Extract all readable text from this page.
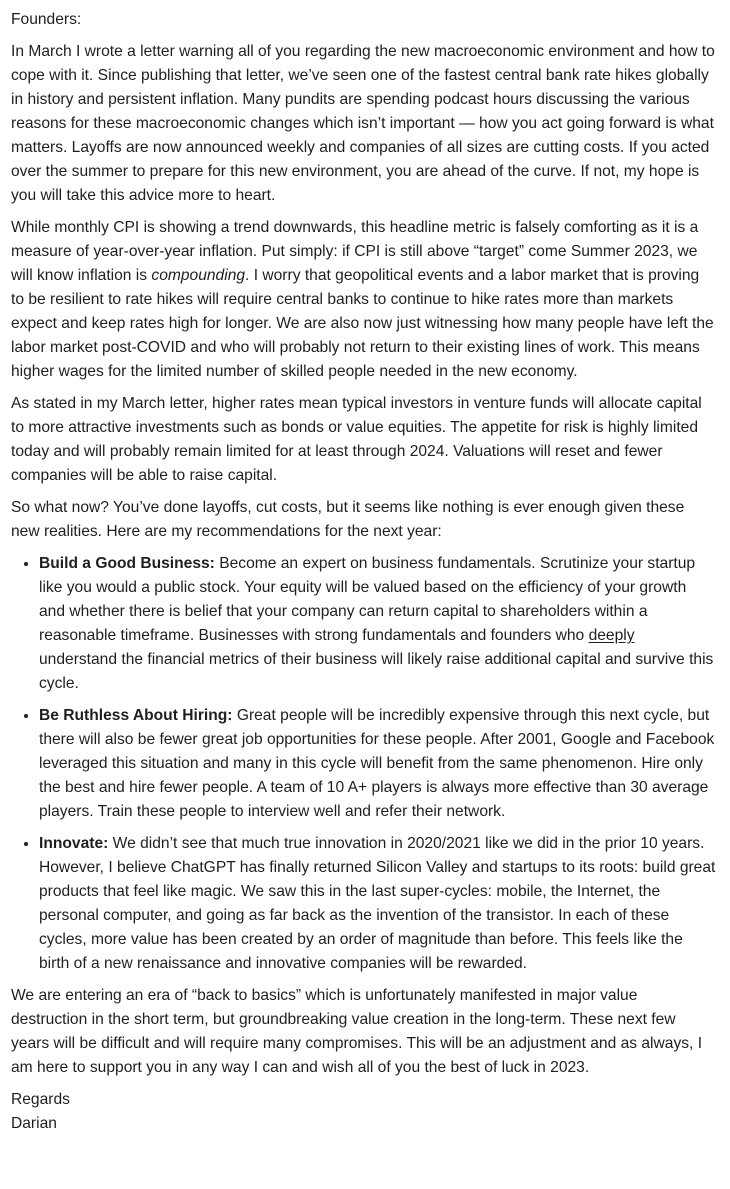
Founders:

In March I wrote a letter warning all of you regarding the new macroeconomic environment and how to cope with it. Since publishing that letter, we’ve seen one of the fastest central bank rate hikes globally in history and persistent inflation. Many pundits are spending podcast hours discussing the various reasons for these macroeconomic changes which isn’t important — how you act going forward is what matters. Layoffs are now announced weekly and companies of all sizes are cutting costs. If you acted over the summer to prepare for this new environment, you are ahead of the curve. If not, my hope is you will take this advice more to heart.

While monthly CPI is showing a trend downwards, this headline metric is falsely comforting as it is a measure of year-over-year inflation. Put simply: if CPI is still above “target” come Summer 2023, we will know inflation is compounding. I worry that geopolitical events and a labor market that is proving to be resilient to rate hikes will require central banks to continue to hike rates more than markets expect and keep rates high for longer. We are also now just witnessing how many people have left the labor market post-COVID and who will probably not return to their existing lines of work. This means higher wages for the limited number of skilled people needed in the new economy.

As stated in my March letter, higher rates mean typical investors in venture funds will allocate capital to more attractive investments such as bonds or value equities. The appetite for risk is highly limited today and will probably remain limited for at least through 2024. Valuations will reset and fewer companies will be able to raise capital.

So what now? You’ve done layoffs, cut costs, but it seems like nothing is ever enough given these new realities. Here are my recommendations for the next year:

• Build a Good Business: Become an expert on business fundamentals. Scrutinize your startup like you would a public stock. Your equity will be valued based on the efficiency of your growth and whether there is belief that your company can return capital to shareholders within a reasonable timeframe. Businesses with strong fundamentals and founders who deeply understand the financial metrics of their business will likely raise additional capital and survive this cycle.
• Be Ruthless About Hiring: Great people will be incredibly expensive through this next cycle, but there will also be fewer great job opportunities for these people. After 2001, Google and Facebook leveraged this situation and many in this cycle will benefit from the same phenomenon. Hire only the best and hire fewer people. A team of 10 A+ players is always more effective than 30 average players. Train these people to interview well and refer their network.
• Innovate: We didn’t see that much true innovation in 2020/2021 like we did in the prior 10 years. However, I believe ChatGPT has finally returned Silicon Valley and startups to its roots: build great products that feel like magic. We saw this in the last super-cycles: mobile, the Internet, the personal computer, and going as far back as the invention of the transistor. In each of these cycles, more value has been created by an order of magnitude than before. This feels like the birth of a new renaissance and innovative companies will be rewarded.

We are entering an era of “back to basics” which is unfortunately manifested in major value destruction in the short term, but groundbreaking value creation in the long-term. These next few years will be difficult and will require many compromises. This will be an adjustment and as always, I am here to support you in any way I can and wish all of you the best of luck in 2023.

Regards

Darian
